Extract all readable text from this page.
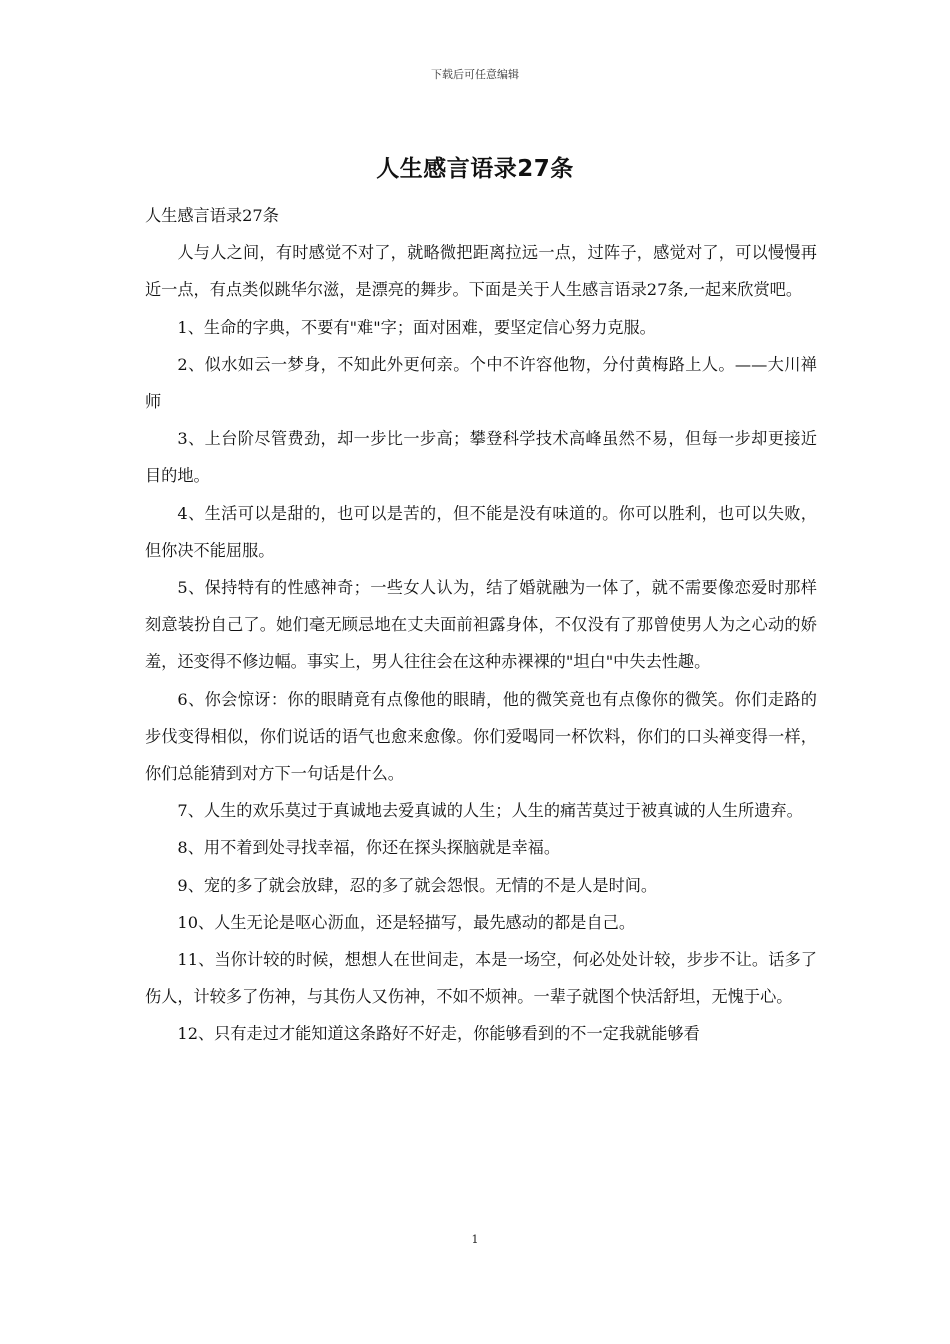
下载后可任意编辑
人生感言语录27条

人生感言语录27条

人与人之间，有时感觉不对了，就略微把距离拉远一点，过阵子，感觉对了，可以慢慢再近一点，有点类似跳华尔滋，是漂亮的舞步。下面是关于人生感言语录27条,一起来欣赏吧。

1、生命的字典，不要有"难"字；面对困难，要坚定信心努力克服。

2、似水如云一梦身，不知此外更何亲。个中不许容他物，分付黄梅路上人。——大川禅师

3、上台阶尽管费劲，却一步比一步高；攀登科学技术高峰虽然不易，但每一步却更接近目的地。

4、生活可以是甜的，也可以是苦的，但不能是没有味道的。你可以胜利，也可以失败，但你决不能屈服。

5、保持特有的性感神奇；一些女人认为，结了婚就融为一体了，就不需要像恋爱时那样刻意装扮自己了。她们毫无顾忌地在丈夫面前袒露身体，不仅没有了那曾使男人为之心动的娇羞，还变得不修边幅。事实上，男人往往会在这种赤裸裸的"坦白"中失去性趣。

6、你会惊讶：你的眼睛竟有点像他的眼睛，他的微笑竟也有点像你的微笑。你们走路的步伐变得相似，你们说话的语气也愈来愈像。你们爱喝同一杯饮料，你们的口头禅变得一样，你们总能猜到对方下一句话是什么。

7、人生的欢乐莫过于真诚地去爱真诚的人生；人生的痛苦莫过于被真诚的人生所遗弃。

8、用不着到处寻找幸福，你还在探头探脑就是幸福。

9、宠的多了就会放肆，忍的多了就会怨恨。无情的不是人是时间。

10、人生无论是呕心沥血，还是轻描写，最先感动的都是自己。

11、当你计较的时候，想想人在世间走，本是一场空，何必处处计较，步步不让。话多了伤人，计较多了伤神，与其伤人又伤神，不如不烦神。一辈子就图个快活舒坦，无愧于心。

12、只有走过才能知道这条路好不好走，你能够看到的不一定我就能够看

1
